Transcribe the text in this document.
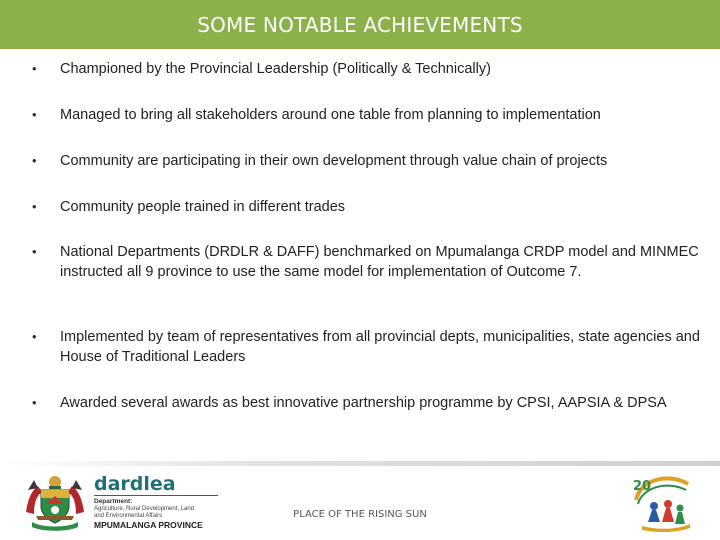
SOME NOTABLE ACHIEVEMENTS
• Championed by the Provincial Leadership (Politically & Technically)
• Managed to bring all stakeholders around one table from planning to implementation
• Community are participating in their own development through value chain of projects
• Community people trained in different trades
• National Departments (DRDLR & DAFF) benchmarked on Mpumalanga CRDP model and MINMEC instructed all 9 province to use the same model for implementation of Outcome 7.
• Implemented by team of representatives from all provincial depts, municipalities, state agencies and House of Traditional Leaders
• Awarded several awards as best innovative partnership programme by CPSI, AAPSIA & DPSA
dardlea
Department:
Agriculture, Rural Development, Land
and Environmental Affairs
MPUMALANGA PROVINCE
PLACE OF THE RISING SUN
20
